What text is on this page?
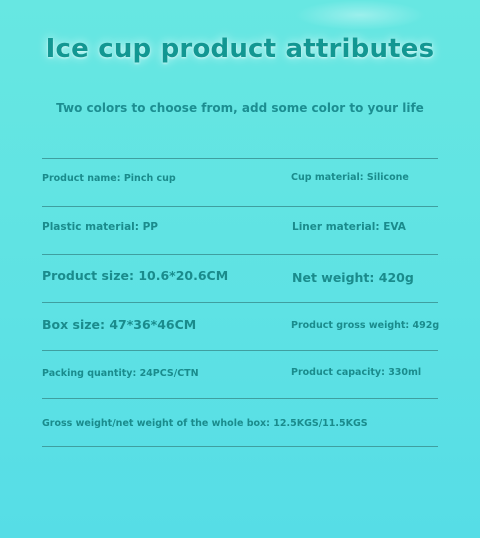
Ice cup product attributes
Two colors to choose from, add some color to your life
Product name: Pinch cup	Cup material: Silicone
Plastic material: PP	Liner material: EVA
Product size: 10.6*20.6CM	Net weight: 420g
Box size: 47*36*46CM	Product gross weight: 492g
Packing quantity: 24PCS/CTN	Product capacity: 330ml
Gross weight/net weight of the whole box: 12.5KGS/11.5KGS
